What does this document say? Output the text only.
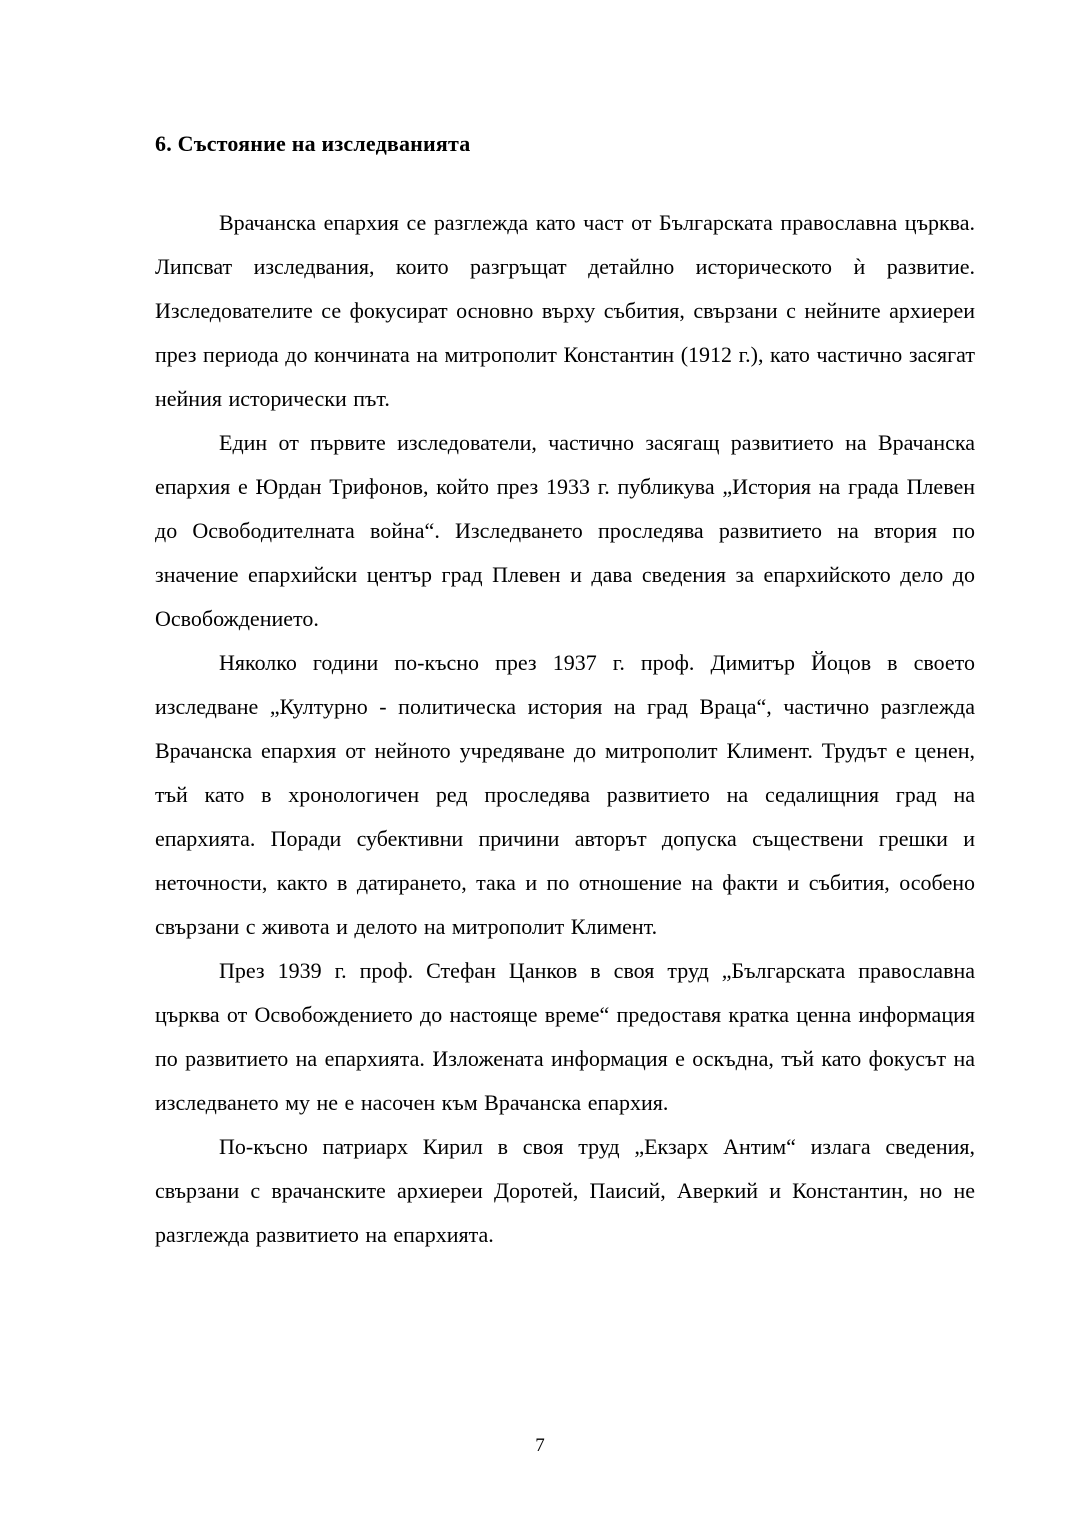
6. Състояние на изследванията

Врачанска епархия се разглежда като част от Българската православна църква. Липсват изследвания, които разгръщат детайлно историческото ѝ развитие. Изследователите се фокусират основно върху събития, свързани с нейните архиереи през периода до кончината на митрополит Константин (1912 г.), като частично засягат нейния исторически път.

Един от първите изследователи, частично засягащ развитието на Врачанска епархия е Юрдан Трифонов, който през 1933 г. публикува „История на града Плевен до Освободителната война“. Изследването проследява развитието на втория по значение епархийски център град Плевен и дава сведения за епархийското дело до Освобождението.

Няколко години по-късно през 1937 г. проф. Димитър Йоцов в своето изследване „Културно - политическа история на град Враца“, частично разглежда Врачанска епархия от нейното учредяване до митрополит Климент. Трудът е ценен, тъй като в хронологичен ред проследява развитието на седалищния град на епархията. Поради субективни причини авторът допуска съществени грешки и неточности, както в датирането, така и по отношение на факти и събития, особено свързани с живота и делото на митрополит Климент.

През 1939 г. проф. Стефан Цанков в своя труд „Българската православна църква от Освобождението до настояще време“ предоставя кратка ценна информация по развитието на епархията. Изложената информация е оскъдна, тъй като фокусът на изследването му не е насочен към Врачанска епархия.

По-късно патриарх Кирил в своя труд „Екзарх Антим“ излага сведения, свързани с врачанските архиереи Доротей, Паисий, Аверкий и Константин, но не разглежда развитието на епархията.

7
